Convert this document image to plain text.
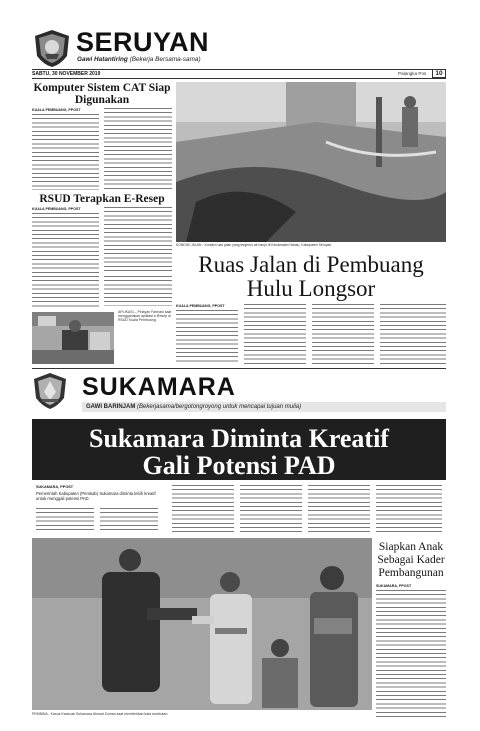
SERUYAN
Gawi Hatantiring (Bekerja Bersama-sama)
SABTU, 30 NOVEMBER 2019	Palangka Pos	10
Komputer Sistem CAT Siap Digunakan
KUALA PEMBUANG, PPOST
RSUD Terapkan E-Resep
KUALA PEMBUANG, PPOST
APLIKASI – Pelayan Farmasi saat menggunakan aplikasi e-Resep di RSUD Kuala Pembuang.
KONDISI JALAN - Kondisi ruas jalan yang tergerus air banjir di Kecamatan Hanau, Kabupaten Seruyan.
Ruas Jalan di Pembuang
Hulu Longsor
KUALA PEMBUANG, PPOST
SUKAMARA
GAWI BARINJAM (Bekerjasama/bergotongroyong untuk mencapai tujuan mulia)
Sukamara Diminta Kreatif
Gali Potensi PAD
SUKAMARA, PPOST
Pemerintah Kabupaten (Pemkab) Sukamara diminta lebih kreatif untuk menggali potensi PAD.
PEMBINA - Kasus Kwarcab Sukamara Ahmad Zuman saat memberikan kata sambutan.
Siapkan Anak
Sebagai Kader
Pembangunan
SUKAMARA, PPOST
